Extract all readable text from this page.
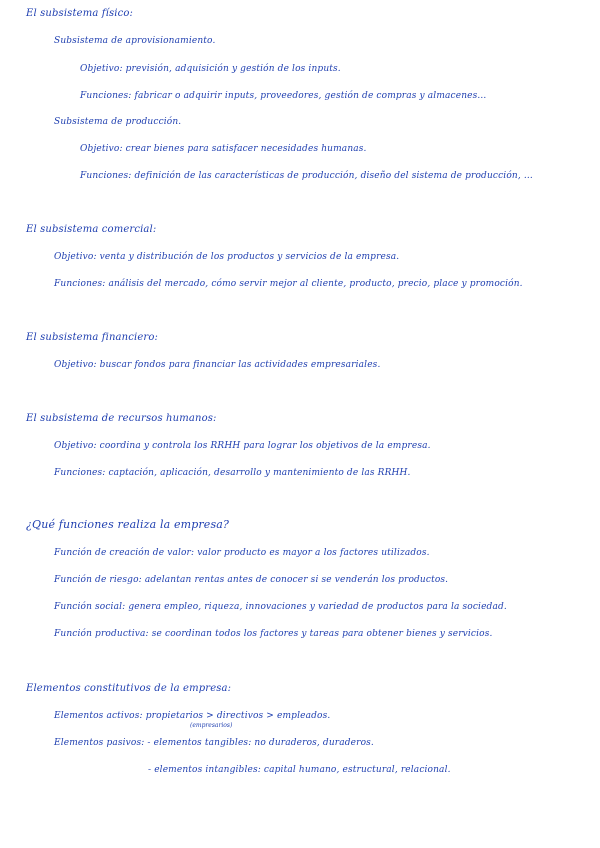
El subsistema físico:
Subsistema de aprovisionamiento.
Objetivo: previsión, adquisición y gestión de los inputs.
Funciones: fabricar o adquirir inputs, proveedores, gestión de compras y almacenes...
Subsistema de producción.
Objetivo: crear bienes para satisfacer necesidades humanas.
Funciones: definición de las características de producción, diseño del sistema de producción, ...
El subsistema comercial:
Objetivo: venta y distribución de los productos y servicios de la empresa.
Funciones: análisis del mercado, cómo servir mejor al cliente, producto, precio, place y promoción.
El subsistema financiero:
Objetivo: buscar fondos para financiar las actividades empresariales.
El subsistema de recursos humanos:
Objetivo: coordina y controla los RRHH para lograr los objetivos de la empresa.
Funciones: captación, aplicación, desarrollo y mantenimiento de las RRHH.
¿Qué funciones realiza la empresa?
Función de creación de valor: valor producto es mayor a los factores utilizados.
Función de riesgo: adelantan rentas antes de conocer si se venderán los productos.
Función social: genera empleo, riqueza, innovaciones y variedad de productos para la sociedad.
Función productiva: se coordinan todos los factores y tareas para obtener bienes y servicios.
Elementos constitutivos de la empresa:
Elementos activos: propietarios > directivos > empleados.
(empresarios)
Elementos pasivos: - elementos tangibles: no duraderos, duraderos.
- elementos intangibles: capital humano, estructural, relacional.
